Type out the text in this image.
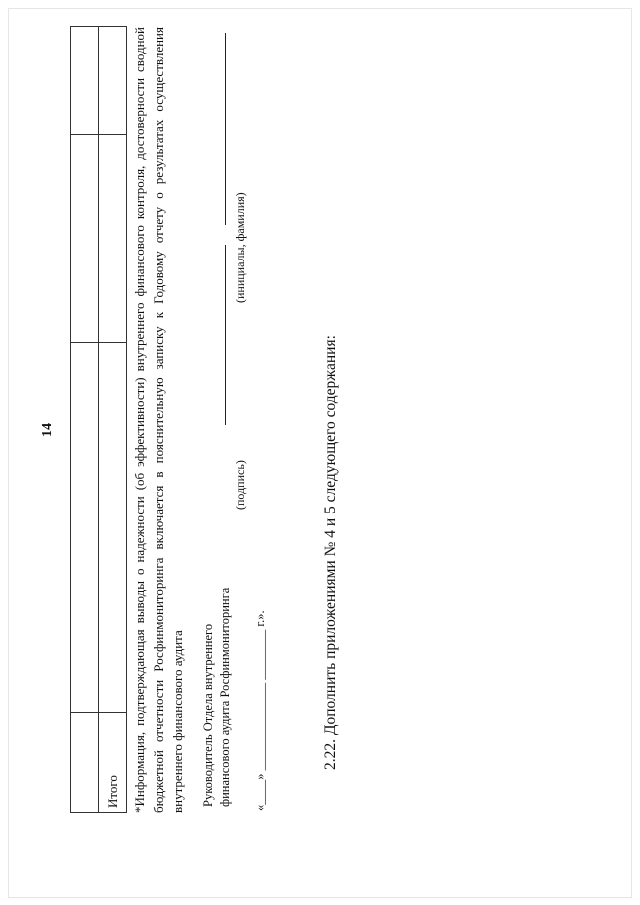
14

Итого			*Информация, подтверждающая выводы о надежности (об эффективности) внутреннего финансового контроля, достоверности сводной бюджетной отчетности Росфинмониторинга включается в пояснительную записку к Годовому отчету о результатах осуществления внутреннего финансового аудита Руководитель Отдела внутреннего финансового аудита Росфинмониторинга «____» ______________ ________ г.».

(подпись)

(инициалы, фамилия)

2.22. Дополнить приложениями № 4 и 5 следующего содержания:
